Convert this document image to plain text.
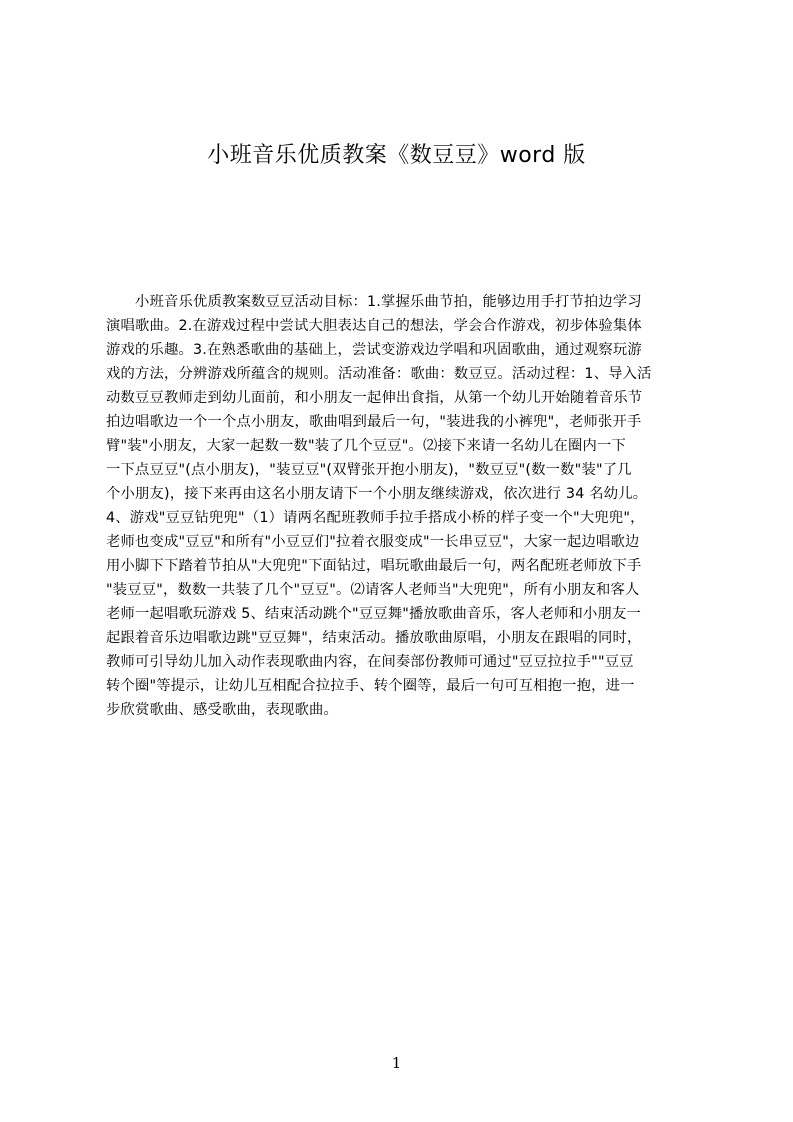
小班音乐优质教案《数豆豆》word 版
　　小班音乐优质教案数豆豆活动目标：1.掌握乐曲节拍，能够边用手打节拍边学习
演唱歌曲。2.在游戏过程中尝试大胆表达自己的想法，学会合作游戏，初步体验集体
游戏的乐趣。3.在熟悉歌曲的基础上，尝试变游戏边学唱和巩固歌曲，通过观察玩游
戏的方法，分辨游戏所蕴含的规则。活动准备：歌曲：数豆豆。活动过程：1、导入活
动数豆豆教师走到幼儿面前，和小朋友一起伸出食指，从第一个幼儿开始随着音乐节
拍边唱歌边一个一个点小朋友，歌曲唱到最后一句，"装进我的小裤兜"，老师张开手
臂"装"小朋友，大家一起数一数"装了几个豆豆"。⑵接下来请一名幼儿在圈内一下
一下点豆豆"(点小朋友)，"装豆豆"(双臂张开抱小朋友)，"数豆豆"(数一数"装"了几
个小朋友)，接下来再由这名小朋友请下一个小朋友继续游戏，依次进行 34 名幼儿。
4、游戏"豆豆钻兜兜"（1）请两名配班教师手拉手搭成小桥的样子变一个"大兜兜"，
老师也变成"豆豆"和所有"小豆豆们"拉着衣服变成"一长串豆豆"，大家一起边唱歌边
用小脚下下踏着节拍从"大兜兜"下面钻过，唱玩歌曲最后一句，两名配班老师放下手
"装豆豆"，数数一共装了几个"豆豆"。⑵请客人老师当"大兜兜"，所有小朋友和客人
老师一起唱歌玩游戏 5、结束活动跳个"豆豆舞"播放歌曲音乐，客人老师和小朋友一
起跟着音乐边唱歌边跳"豆豆舞"，结束活动。播放歌曲原唱，小朋友在跟唱的同时，
教师可引导幼儿加入动作表现歌曲内容，在间奏部份教师可通过"豆豆拉拉手""豆豆
转个圈"等提示，让幼儿互相配合拉拉手、转个圈等，最后一句可互相抱一抱，进一
步欣赏歌曲、感受歌曲，表现歌曲。
1
